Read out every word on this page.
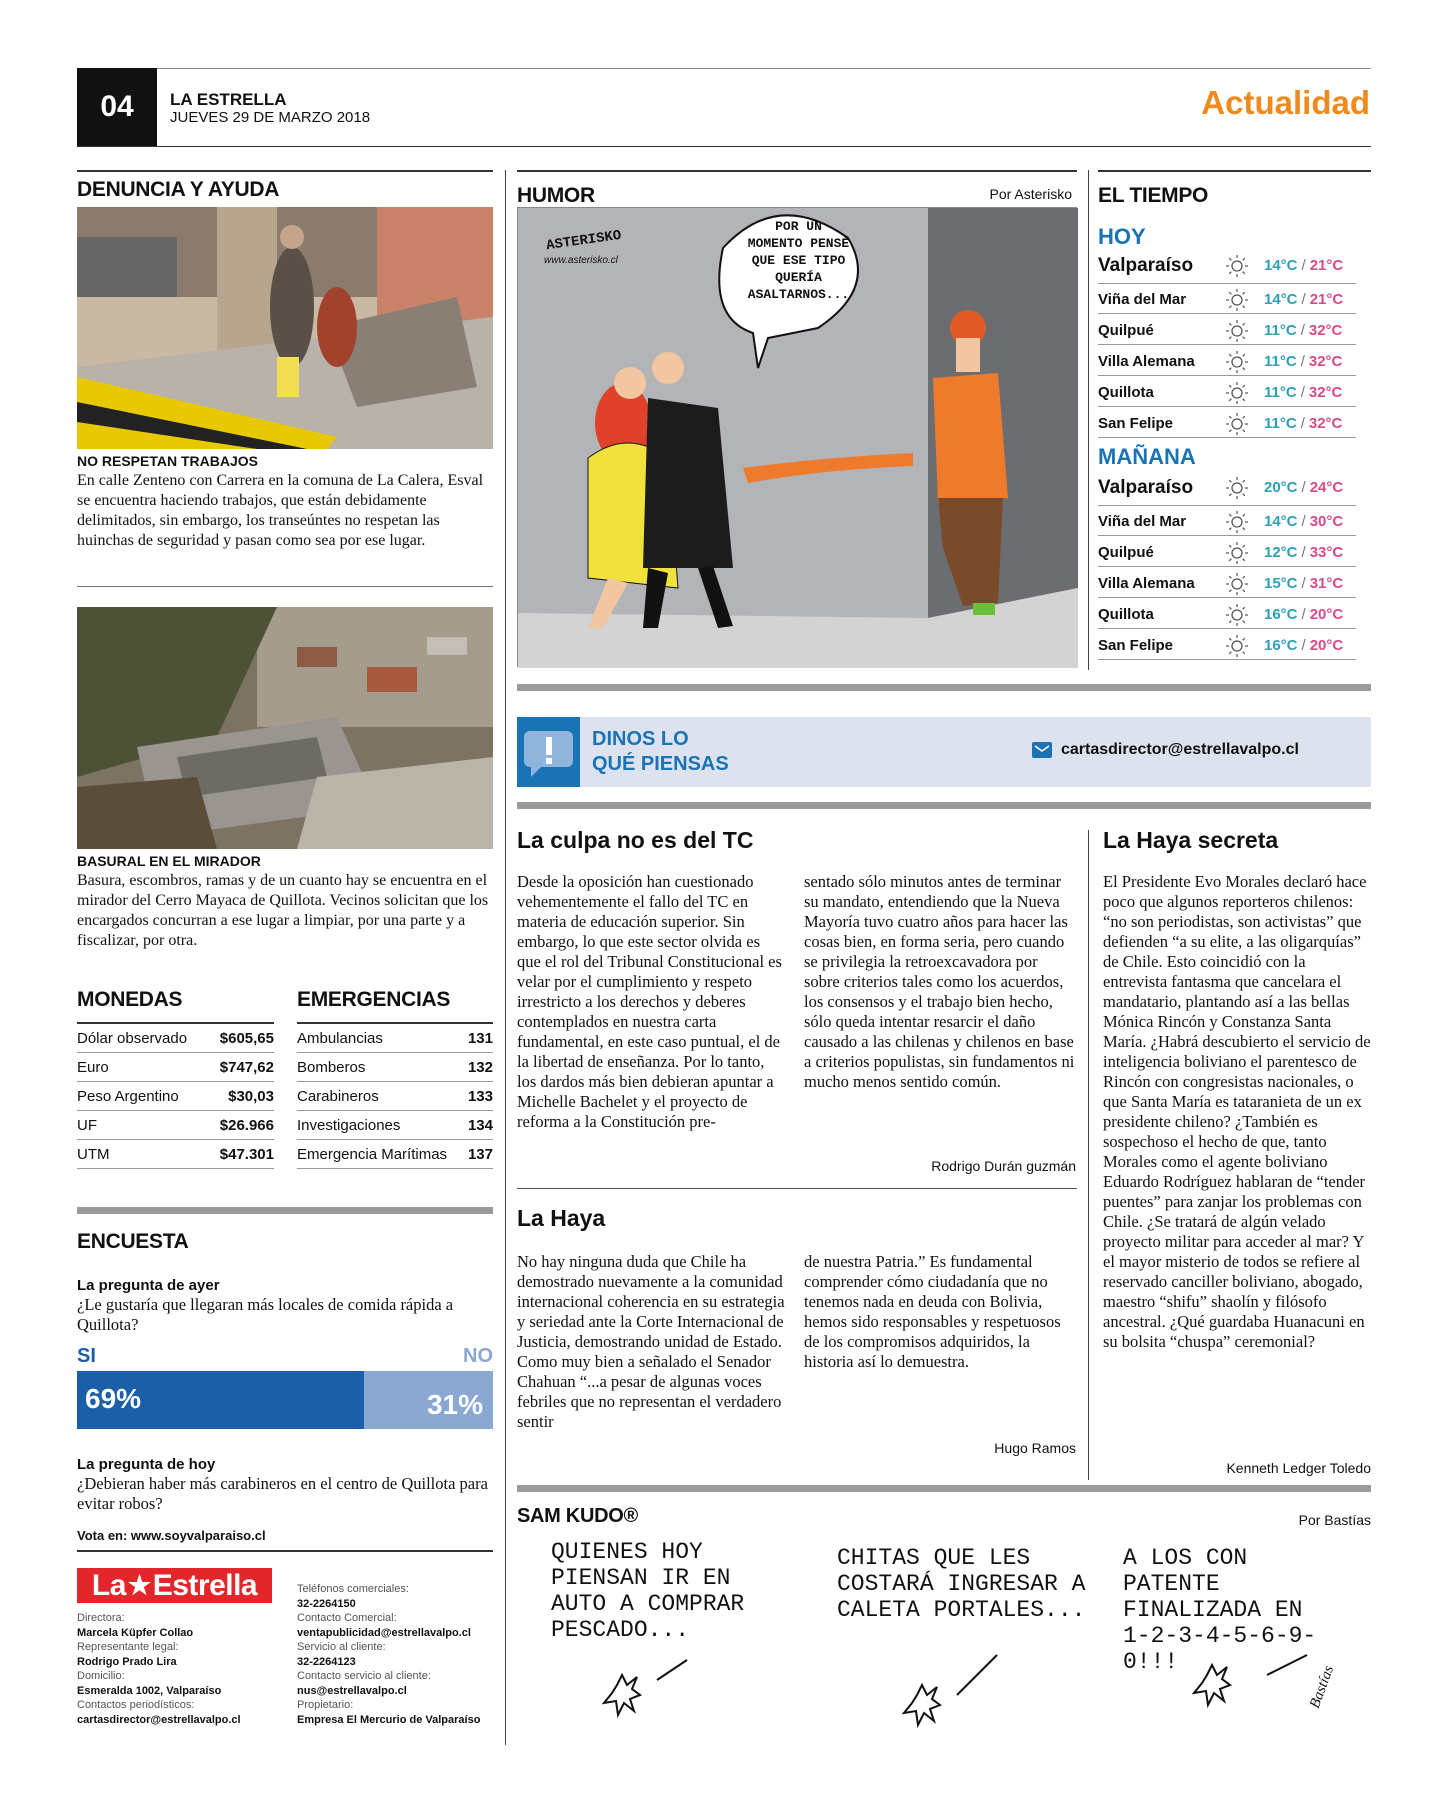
04 LA ESTRELLA
JUEVES 29 DE MARZO 2018	Actualidad
DENUNCIA Y AYUDA
NO RESPETAN TRABAJOS
En calle Zenteno con Carrera en la comuna de La Calera, Esval se encuentra haciendo trabajos, que están debidamente delimitados, sin embargo, los transeúntes no respetan las huinchas de seguridad y pasan como sea por ese lugar.
BASURAL EN EL MIRADOR
Basura, escombros, ramas y de un cuanto hay se encuentra en el mirador del Cerro Mayaca de Quillota. Vecinos solicitan que los encargados concurran a ese lugar a limpiar, por una parte y a fiscalizar, por otra.
MONEDAS
Dólar observado $605,65
Euro	$747,62
Peso Argentino	$30,03
UF	$26.966
UTM	$47.301
EMERGENCIAS
Ambulancias	131
Bomberos	132
Carabineros	133
Investigaciones	134
Emergencia Marítimas 137
ENCUESTA
La pregunta de ayer
¿Le gustaría que llegaran más locales de comida rápida a Quillota?
SI	NO
69%	31%
La pregunta de hoy
¿Debieran haber más carabineros en el centro de Quillota para evitar robos?
Vota en: www.soyvalparaiso.cl
La ★ Estrella
Directora:
Marcela Küpfer Collao
Representante legal:
Rodrigo Prado Lira
Domicilio:
Esmeralda 1002, Valparaíso
Contactos periodísticos:
cartasdirector@estrellavalpo.cl
Teléfonos comerciales:
32-2264150
Contacto Comercial:
ventapublicidad@estrellavalpo.cl
Servicio al cliente:
32-2264123
Contacto servicio al cliente:
nus@estrellavalpo.cl
Propietario:
Empresa El Mercurio de Valparaíso
HUMOR	Por Asterisko
ASTERISKO
www.asterisko.cl
POR UN MOMENTO PENSÉ QUE ESE TIPO QUERÍA ASALTARNOS...
EL TIEMPO
HOY
MAÑANA
Valparaíso	14°C / 21°C
Viña del Mar	14°C / 21°C
Quilpué	11°C / 32°C
Villa Alemana	11°C / 32°C
Quillota	11°C / 32°C
San Felipe	11°C / 32°C
Valparaíso	20°C / 24°C
Viña del Mar	14°C / 30°C
Quilpué	12°C / 33°C
Villa Alemana	15°C / 31°C
Quillota	16°C / 20°C
San Felipe	16°C / 20°C
DINOS LO
QUÉ PIENSAS
cartasdirector@estrellavalpo.cl
La culpa no es del TC
Desde la oposición han cuestionado vehementemente el fallo del TC en materia de educación superior. Sin embargo, lo que este sector olvida es que el rol del Tribunal Constitucional es velar por el cumplimiento y respeto irrestricto a los derechos y deberes contemplados en nuestra carta fundamental, en este caso puntual, el de la libertad de enseñanza. Por lo tanto, los dardos más bien debieran apuntar a Michelle Bachelet y el proyecto de reforma a la Constitución pre-
sentado sólo minutos antes de terminar su mandato, entendiendo que la Nueva Mayoría tuvo cuatro años para hacer las cosas bien, en forma seria, pero cuando se privilegia la retroexcavadora por sobre criterios tales como los acuerdos, los consensos y el trabajo bien hecho, sólo queda intentar resarcir el daño causado a las chilenas y chilenos en base a criterios populistas, sin fundamentos ni mucho menos sentido común.
Rodrigo Durán guzmán
La Haya
No hay ninguna duda que Chile ha demostrado nuevamente a la comunidad internacional coherencia en su estrategia y seriedad ante la Corte Internacional de Justicia, demostrando unidad de Estado. Como muy bien a señalado el Senador Chahuan “...a pesar de algunas voces febriles que no representan el verdadero sentir
de nuestra Patria.” Es fundamental comprender cómo ciudadanía que no tenemos nada en deuda con Bolivia, hemos sido responsables y respetuosos de los compromisos adquiridos, la historia así lo demuestra.
Hugo Ramos
La Haya secreta
El Presidente Evo Morales declaró hace poco que algunos reporteros chilenos: “no son periodistas, son activistas” que defienden “a su elite, a las oligarquías” de Chile. Esto coincidió con la entrevista fantasma que cancelara el mandatario, plantando así a las bellas Mónica Rincón y Constanza Santa María. ¿Habrá descubierto el servicio de inteligencia boliviano el parentesco de Rincón con congresistas nacionales, o que Santa María es tataranieta de un ex presidente chileno? ¿También es sospechoso el hecho de que, tanto Morales como el agente boliviano Eduardo Rodríguez hablaran de “tender puentes” para zanjar los problemas con Chile. ¿Se tratará de algún velado proyecto militar para acceder al mar? Y el mayor misterio de todos se refiere al reservado canciller boliviano, abogado, maestro “shifu” shaolín y filósofo ancestral. ¿Qué guardaba Huanacuni en su bolsita “chuspa” ceremonial?
Kenneth Ledger Toledo
SAM KUDO®	Por Bastías
QUIENES HOY PIENSAN IR EN AUTO A COMPRAR PESCADO...
CHITAS QUE LES COSTARÁ INGRESAR A CALETA PORTALES...
A LOS CON PATENTE FINALIZADA EN 1-2-3-4-5-6-9-0!!!
Bastías
